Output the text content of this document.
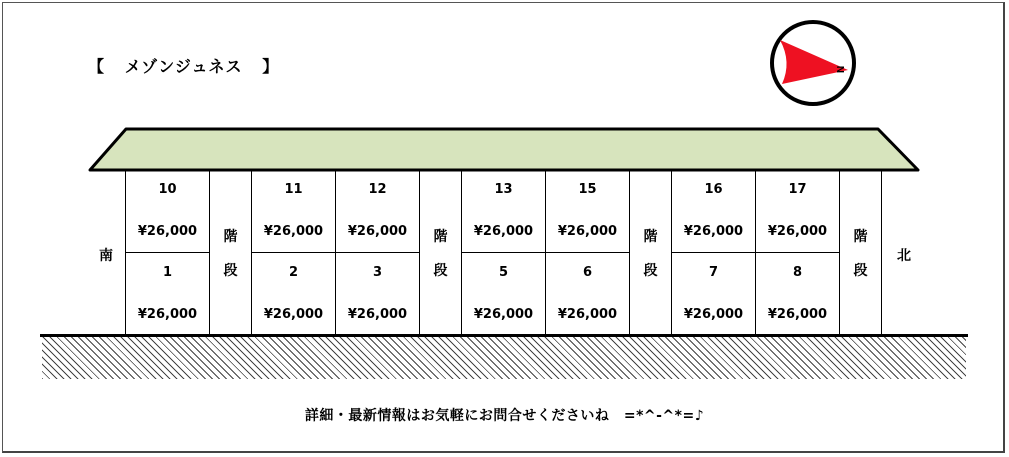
【   メゾンジュネス   】	N
南	北
10
¥26,000
1
¥26,000
階
段
11
¥26,000
2
¥26,000
12
¥26,000
3
¥26,000
階
段
13
¥26,000
5
¥26,000
15
¥26,000
6
¥26,000
階
段
16
¥26,000
7
¥26,000
17
¥26,000
8
¥26,000
階
段
詳細・最新情報はお気軽にお問合せくださいね　=*^-^*=♪
